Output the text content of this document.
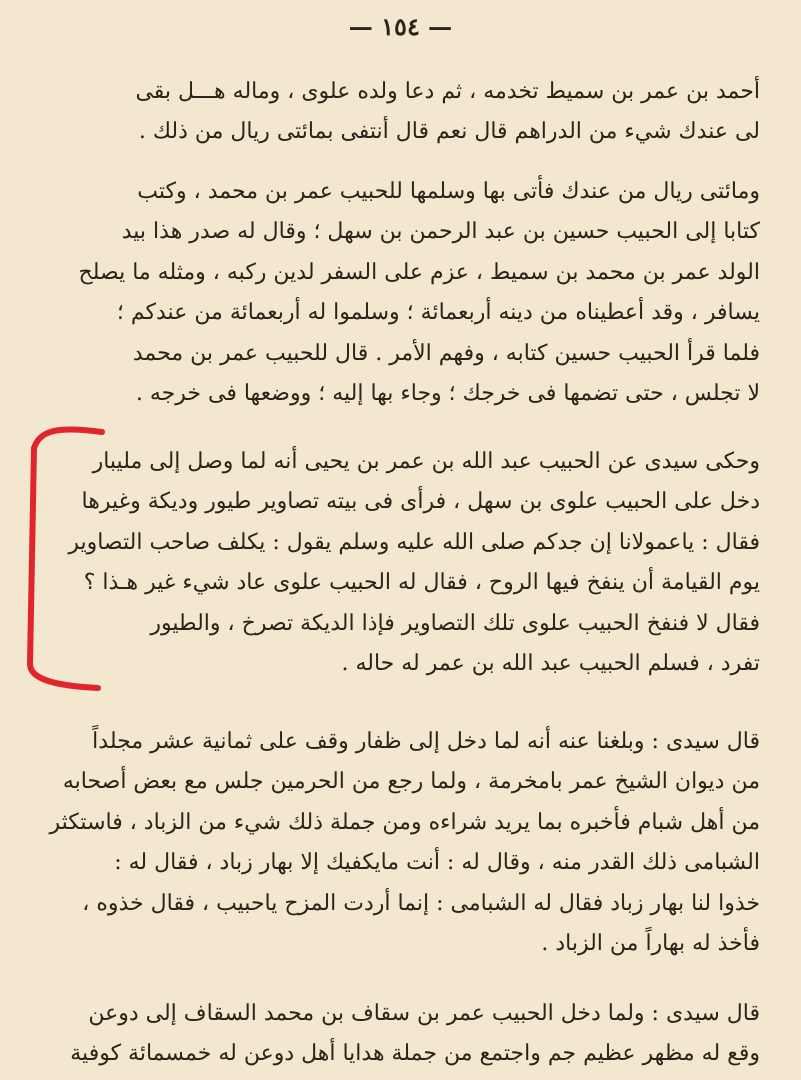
— ١٥٤ —
أحمد بن عمر بن سميط تخدمه ، ثم دعا ولده علوى ، وماله هـــل بقى
لى عندك شيء من الدراهم قال نعم قال أنتفى بمائتى ريال من ذلك .
ومائتى ريال من عندك فأتى بها وسلمها للحبيب عمر بن محمد ، وكتب
كتابا إلى الحبيب حسين بن عبد الرحمن بن سهل ؛ وقال له صدر هذا بيد
الولد عمر بن محمد بن سميط ، عزم على السفر لدين ركبه ، ومثله ما يصلح
يسافر ، وقد أعطيناه من دينه أربعمائة ؛ وسلموا له أربعمائة من عندكم ؛
فلما قرأ الحبيب حسين كتابه ، وفهم الأمر . قال للحبيب عمر بن محمد
لا تجلس ، حتى تضمها فى خرجك ؛ وجاء بها إليه ؛ ووضعها فى خرجه .
وحكى سيدى عن الحبيب عبد الله بن عمر بن يحيى أنه لما وصل إلى مليبار
دخل على الحبيب علوى بن سهل ، فرأى فى بيته تصاوير طيور وديكة وغيرها
فقال : ياعمولانا إن جدكم صلى الله عليه وسلم يقول : يكلف صاحب التصاوير
يوم القيامة أن ينفخ فيها الروح ، فقال له الحبيب علوى عاد شيء غير هـذا ؟
فقال لا فنفخ الحبيب علوى تلك التصاوير فإذا الديكة تصرخ ، والطيور
تفرد ، فسلم الحبيب عبد الله بن عمر له حاله .
قال سيدى : وبلغنا عنه أنه لما دخل إلى ظفار وقف على ثمانية عشر مجلداً
من ديوان الشيخ عمر بامخرمة ، ولما رجع من الحرمين جلس مع بعض أصحابه
من أهل شبام فأخبره بما يريد شراءه ومن جملة ذلك شيء من الزباد ، فاستكثر
الشبامى ذلك القدر منه ، وقال له : أنت مايكفيك إلا بهار زباد ، فقال له :
خذوا لنا بهار زباد فقال له الشبامى : إنما أردت المزح ياحبيب ، فقال خذوه ،
فأخذ له بهاراً من الزباد .
قال سيدى : ولما دخل الحبيب عمر بن سقاف بن محمد السقاف إلى دوعن
وقع له مظهر عظيم جم واجتمع من جملة هدايا أهل دوعن له خمسمائة كوفية
